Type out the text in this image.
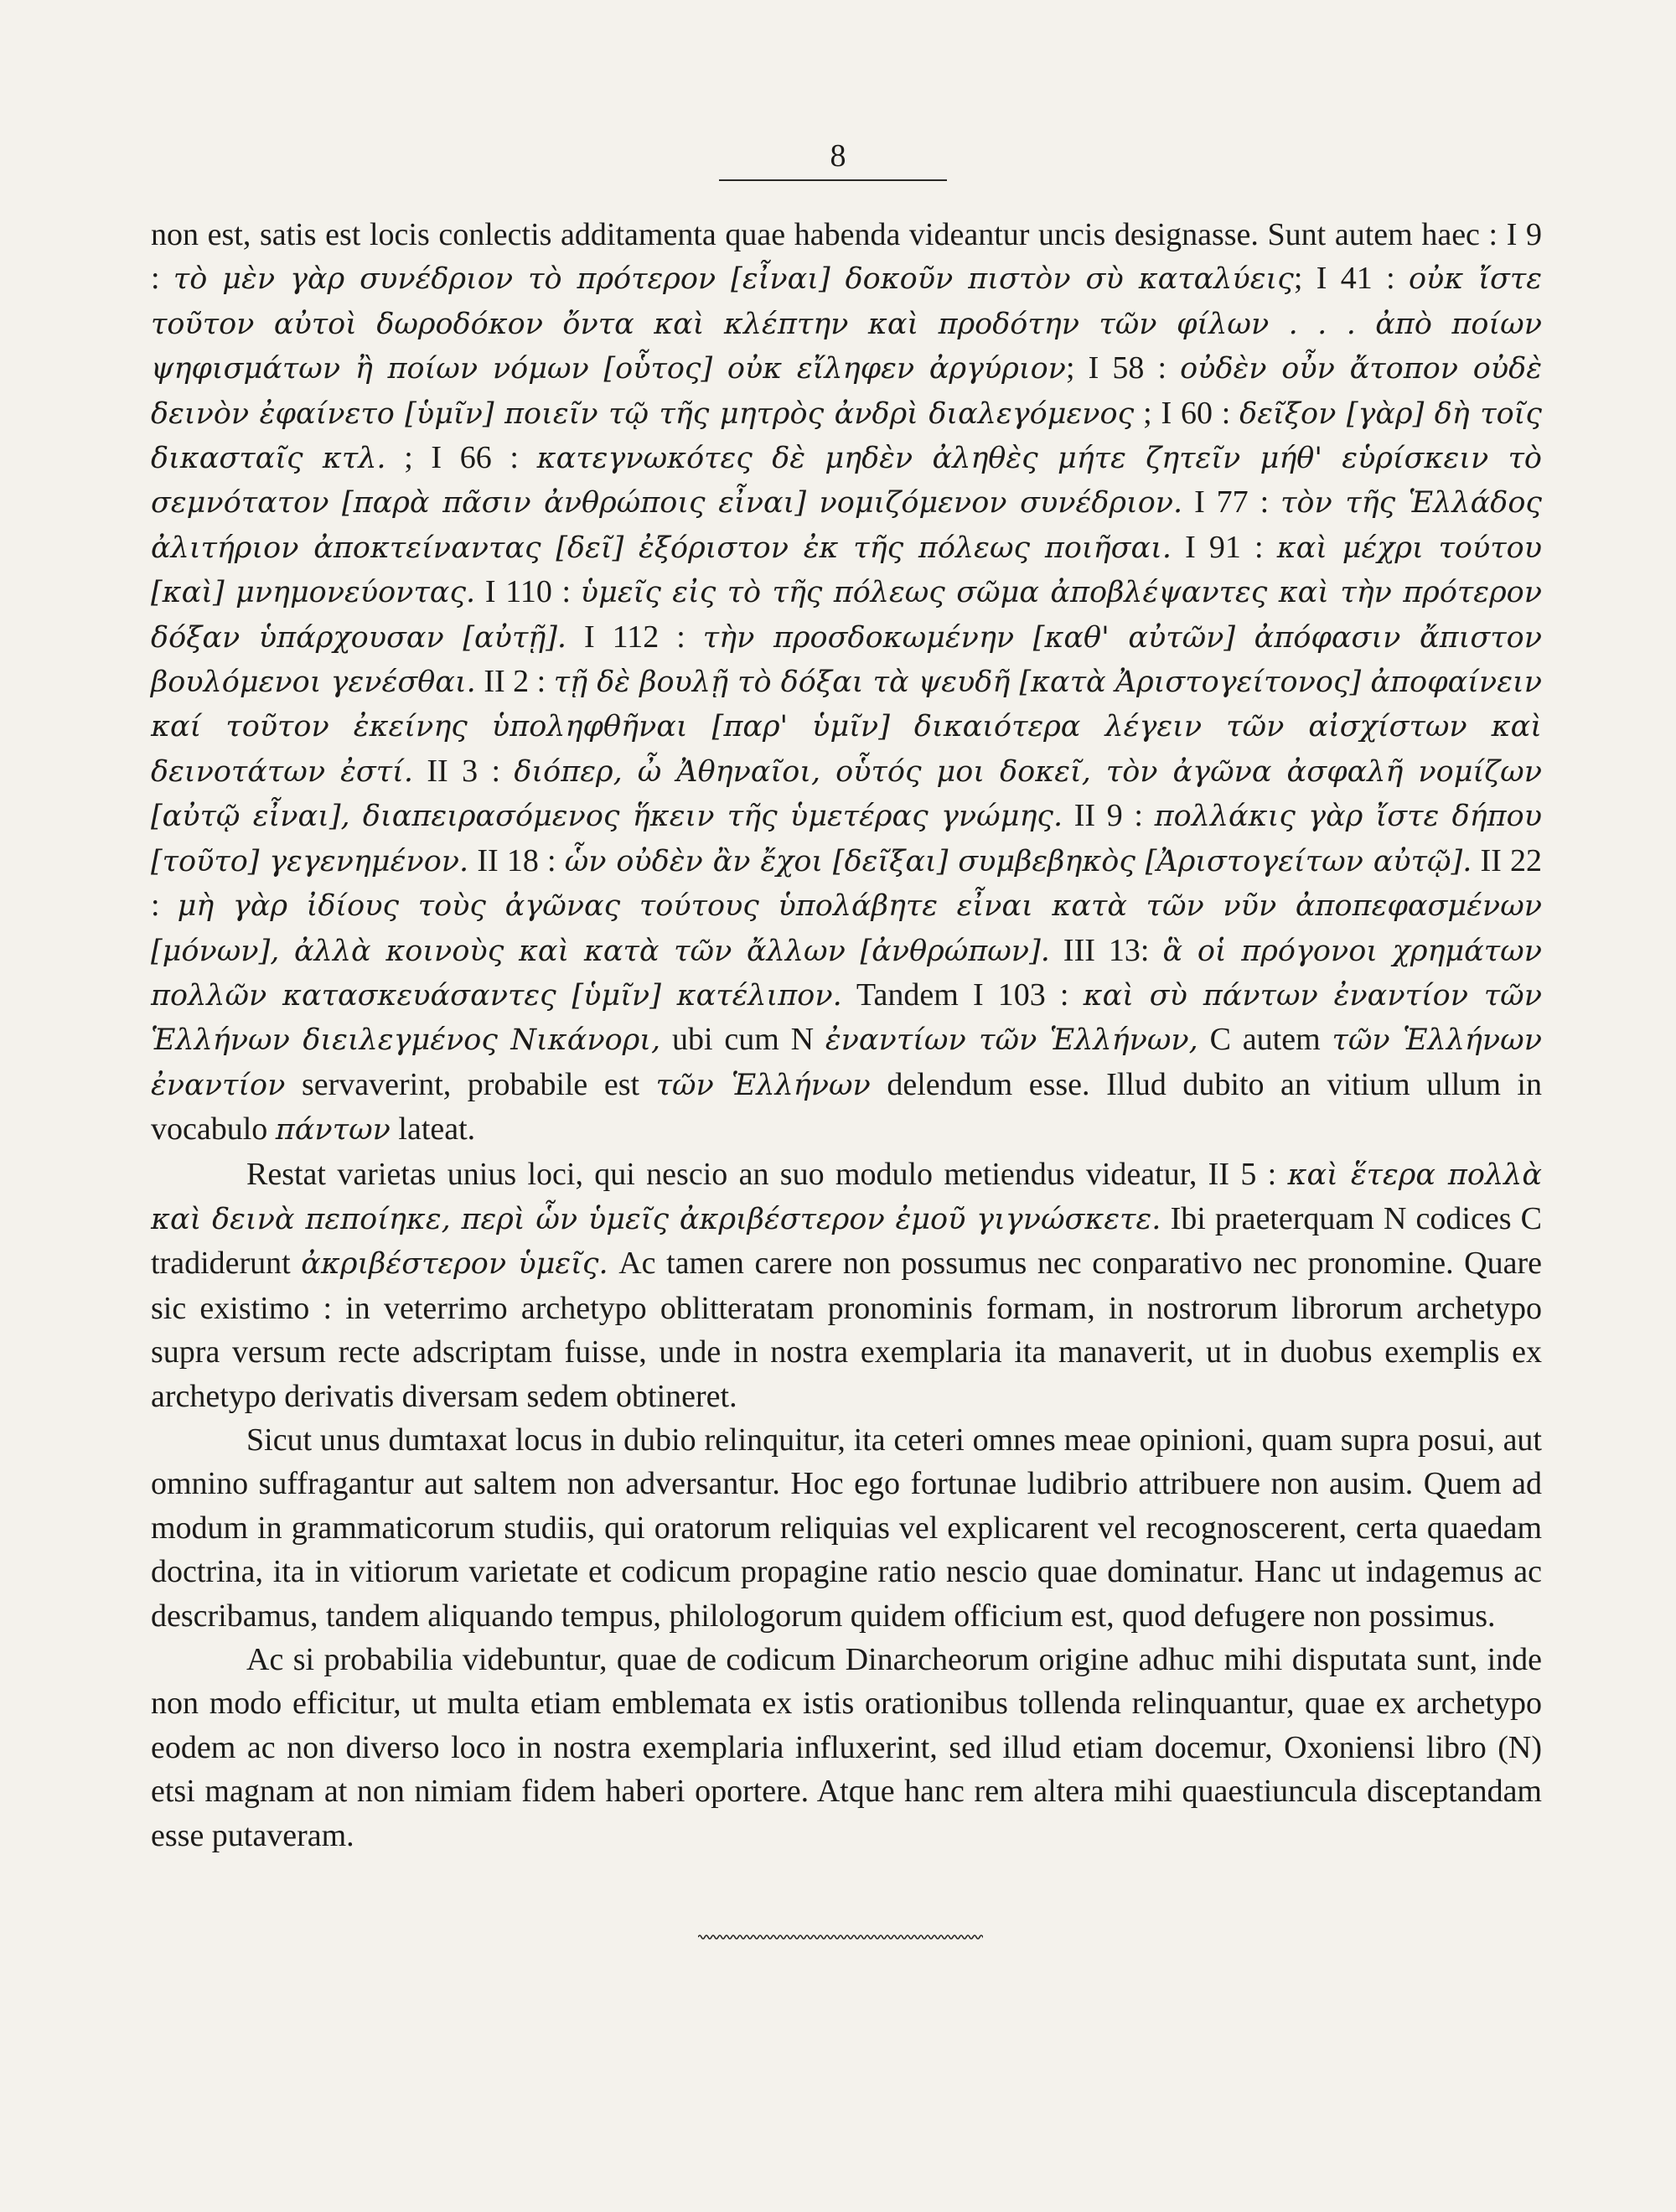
8

non est, satis est locis conlectis additamenta quae habenda videantur uncis designasse. Sunt autem haec : I 9 : τὸ μὲν γὰρ συνέδριον τὸ πρότερον [εἶναι] δοκοῦν πιστὸν σὺ καταλύεις; I 41 : οὐκ ἴστε τοῦτον αὐτοὶ δωροδόκον ὄντα καὶ κλέπτην καὶ προδότην τῶν φίλων . . . ἀπὸ ποίων ψηφισμάτων ἢ ποίων νόμων [οὗτος] οὐκ εἴληφεν ἀργύριον; I 58 : οὐδὲν οὖν ἄτοπον οὐδὲ δεινὸν ἐφαίνετο [ὑμῖν] ποιεῖν τῷ τῆς μητρὸς ἀνδρὶ διαλεγόμενος ; I 60 : δεῖξον [γὰρ] δὴ τοῖς δικασταῖς κτλ. ; I 66 : κατεγνωκότες δὲ μηδὲν ἀληθὲς μήτε ζητεῖν μήθ' εὑρίσκειν τὸ σεμνότατον [παρὰ πᾶσιν ἀνθρώποις εἶναι] νομιζόμενον συνέδριον. I 77 : τὸν τῆς Ἑλλάδος ἀλιτήριον ἀποκτείναντας [δεῖ] ἐξόριστον ἐκ τῆς πόλεως ποιῆσαι. I 91 : καὶ μέχρι τούτου [καὶ] μνημονεύοντας. I 110 : ὑμεῖς εἰς τὸ τῆς πόλεως σῶμα ἀποβλέψαντες καὶ τὴν πρότερον δόξαν ὑπάρχουσαν [αὐτῇ]. I 112 : τὴν προσδοκωμένην [καθ' αὐτῶν] ἀπόφασιν ἄπιστον βουλόμενοι γενέσθαι. II 2 : τῇ δὲ βουλῇ τὸ δόξαι τὰ ψευδῆ [κατὰ Ἀριστογείτονος] ἀποφαίνειν καί τοῦτον ἐκείνης ὑποληφθῆναι [παρ' ὑμῖν] δικαιότερα λέγειν τῶν αἰσχίστων καὶ δεινοτάτων ἐστί. II 3 : διόπερ, ὦ Ἀθηναῖοι, οὗτός μοι δοκεῖ, τὸν ἀγῶνα ἀσφαλῆ νομίζων [αὐτῷ εἶναι], διαπειρασόμενος ἥκειν τῆς ὑμετέρας γνώμης. II 9 : πολλάκις γὰρ ἴστε δήπου [τοῦτο] γεγενημένον. II 18 : ὧν οὐδὲν ἂν ἔχοι [δεῖξαι] συμβεβηκὸς [Ἀριστογείτων αὐτῷ]. II 22 : μὴ γὰρ ἰδίους τοὺς ἀγῶνας τούτους ὑπολάβητε εἶναι κατὰ τῶν νῦν ἀποπεφασμένων [μόνων], ἀλλὰ κοινοὺς καὶ κατὰ τῶν ἄλλων [ἀνθρώπων]. III 13: ἃ οἱ πρόγονοι χρημάτων πολλῶν κατασκευάσαντες [ὑμῖν] κατέλιπον. Tandem I 103 : καὶ σὺ πάντων ἐναντίον τῶν Ἑλλήνων διειλεγμένος Νικάνορι, ubi cum N ἐναντίων τῶν Ἑλλήνων, C autem τῶν Ἑλλήνων ἐναντίον servaverint, probabile est τῶν Ἑλλήνων delendum esse. Illud dubito an vitium ullum in vocabulo πάντων lateat.

Restat varietas unius loci, qui nescio an suo modulo metiendus videatur, II 5 : καὶ ἕτερα πολλὰ καὶ δεινὰ πεποίηκε, περὶ ὧν ὑμεῖς ἀκριβέστερον ἐμοῦ γιγνώσκετε. Ibi praeterquam N codices C tradiderunt ἀκριβέστερον ὑμεῖς. Ac tamen carere non possumus nec conparativo nec pronomine. Quare sic existimo : in veterrimo archetypo oblitteratam pronominis formam, in nostrorum librorum archetypo supra versum recte adscriptam fuisse, unde in nostra exemplaria ita manaverit, ut in duobus exemplis ex archetypo derivatis diversam sedem obtineret.

Sicut unus dumtaxat locus in dubio relinquitur, ita ceteri omnes meae opinioni, quam supra posui, aut omnino suffragantur aut saltem non adversantur. Hoc ego fortunae ludibrio attribuere non ausim. Quem ad modum in grammaticorum studiis, qui oratorum reliquias vel explicarent vel recognoscerent, certa quaedam doctrina, ita in vitiorum varietate et codicum propagine ratio nescio quae dominatur. Hanc ut indagemus ac describamus, tandem aliquando tempus, philologorum quidem officium est, quod defugere non possimus.

Ac si probabilia videbuntur, quae de codicum Dinarcheorum origine adhuc mihi disputata sunt, inde non modo efficitur, ut multa etiam emblemata ex istis orationibus tollenda relinquantur, quae ex archetypo eodem ac non diverso loco in nostra exemplaria influxerint, sed illud etiam docemur, Oxoniensi libro (N) etsi magnam at non nimiam fidem haberi oportere. Atque hanc rem altera mihi quaestiuncula disceptandam esse putaveram.
